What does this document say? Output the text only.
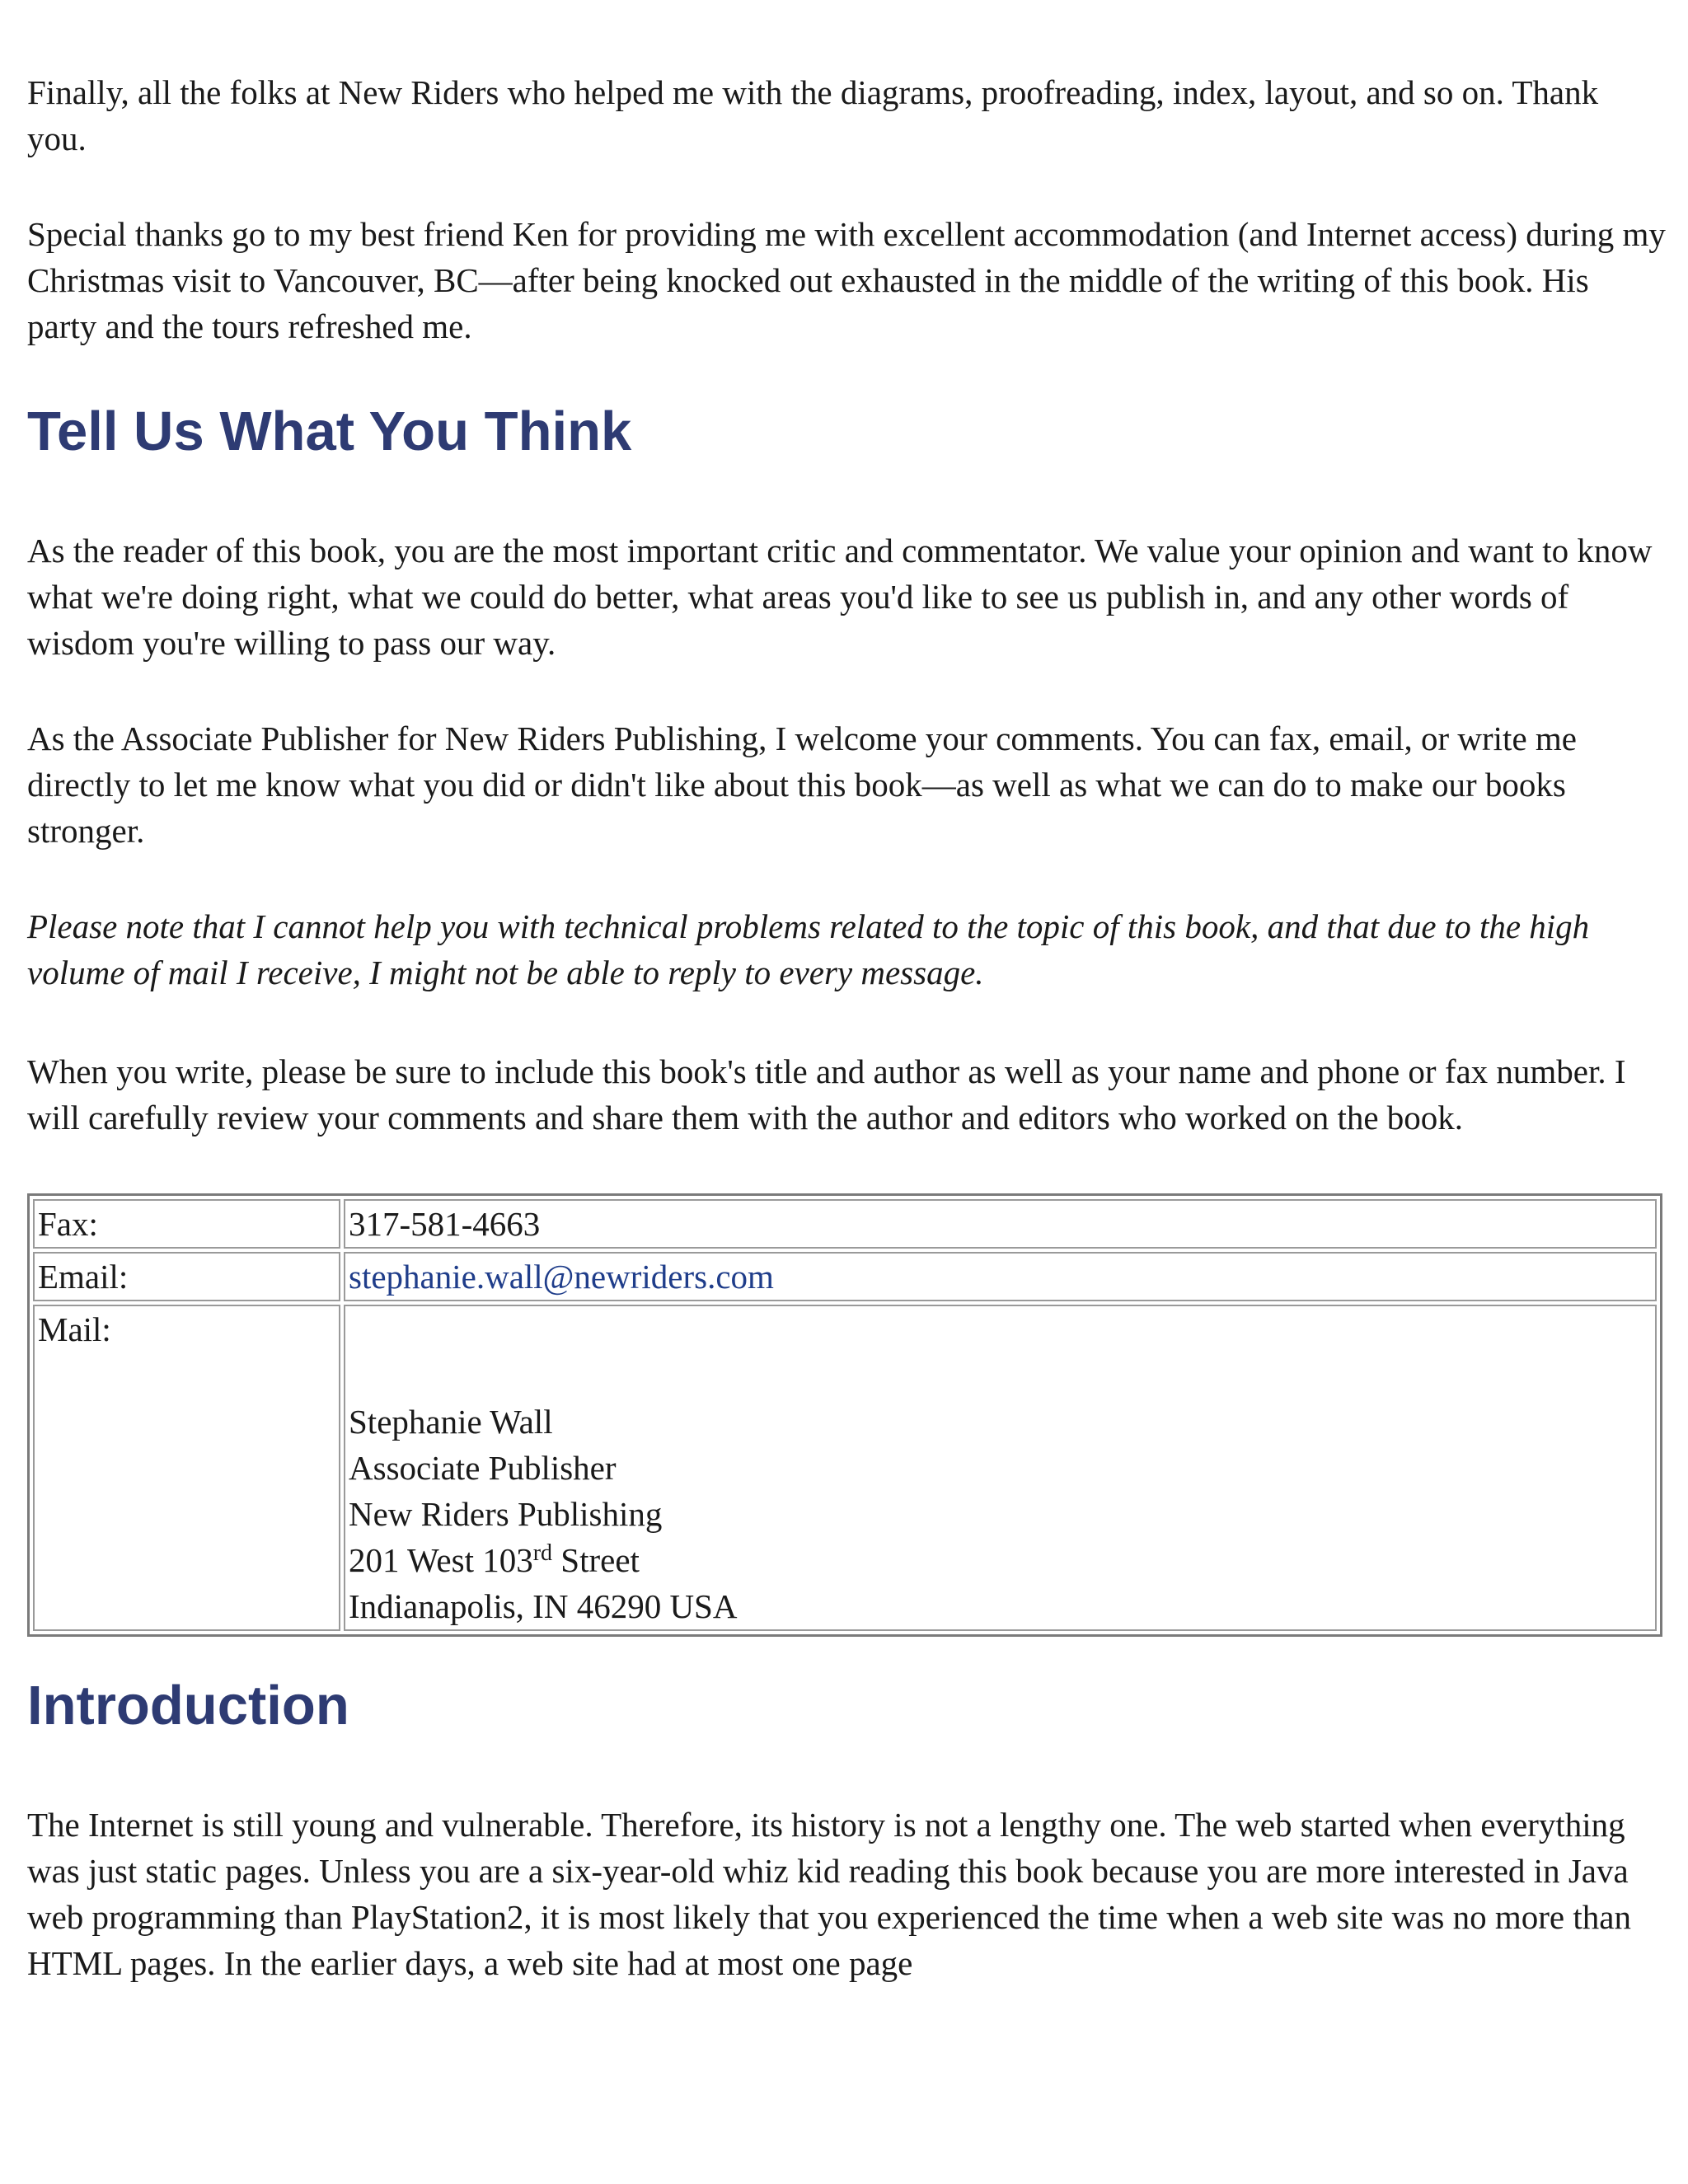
Finally, all the folks at New Riders who helped me with the diagrams, proofreading, index, layout, and so on. Thank you.

Special thanks go to my best friend Ken for providing me with excellent accommodation (and Internet access) during my Christmas visit to Vancouver, BC—after being knocked out exhausted in the middle of the writing of this book. His party and the tours refreshed me.

Tell Us What You Think

As the reader of this book, you are the most important critic and commentator. We value your opinion and want to know what we're doing right, what we could do better, what areas you'd like to see us publish in, and any other words of wisdom you're willing to pass our way.

As the Associate Publisher for New Riders Publishing, I welcome your comments. You can fax, email, or write me directly to let me know what you did or didn't like about this book—as well as what we can do to make our books stronger.

Please note that I cannot help you with technical problems related to the topic of this book, and that due to the high volume of mail I receive, I might not be able to reply to every message.

When you write, please be sure to include this book's title and author as well as your name and phone or fax number. I will carefully review your comments and share them with the author and editors who worked on the book.

Fax:	317-581-4663
Email:	stephanie.wall@newriders.com
Mail:	Stephanie Wall
Associate Publisher
New Riders Publishing
201 West 103rd Street
Indianapolis, IN 46290 USA
Introduction

The Internet is still young and vulnerable. Therefore, its history is not a lengthy one. The web started when everything was just static pages. Unless you are a six-year-old whiz kid reading this book because you are more interested in Java web programming than PlayStation2, it is most likely that you experienced the time when a web site was no more than HTML pages. In the earlier days, a web site had at most one page
